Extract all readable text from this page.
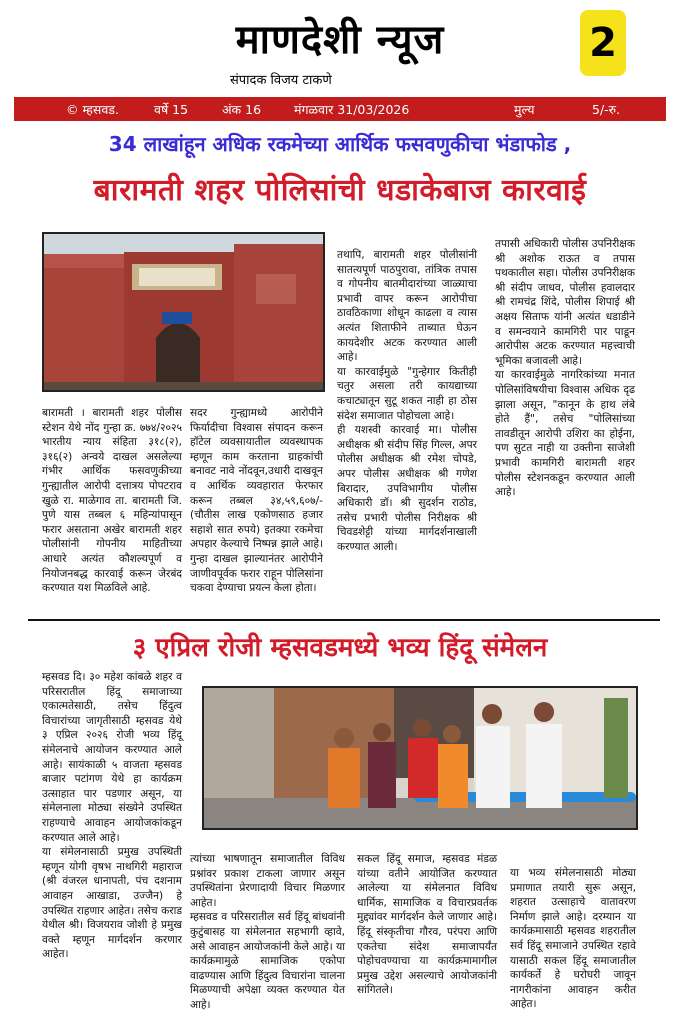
माणदेशी न्यूज
संपादक विजय टाकणे
2
© म्हसवड.	वर्षे 15	अंक 16	मंगळवार 31/03/2026	मुल्य	5/-रु.
34 लाखांहून अधिक रकमेच्या आर्थिक फसवणुकीचा भंडाफोड ,
बारामती शहर पोलिसांची धडाकेबाज कारवाई

बारामती । बारामती शहर पोलीस स्टेशन येथे नोंद गुन्हा क्र. ७७४/२०२५ भारतीय न्याय संहिता ३१८(२), ३१६(२) अन्वये दाखल असलेल्या गंभीर आर्थिक फसवणुकीच्या गुन्ह्यातील आरोपी दत्तात्रय पोपटराव खुळे रा. माळेगाव ता. बारामती जि. पुणे यास तब्बल ६ महिन्यांपासून फरार असताना अखेर बारामती शहर पोलीसांनी गोपनीय माहितीच्या आधारे अत्यंत कौशल्यपूर्ण व नियोजनबद्ध कारवाई करून जेरबंद करण्यात यश मिळविले आहे.

सदर गुन्ह्यामध्ये आरोपीने फिर्यादीचा विश्वास संपादन करून हॉटेल व्यवसायातील व्यवस्थापक म्हणून काम करताना ग्राहकांची बनावट नावे नोंदवून,उधारी दाखवून व आर्थिक व्यवहारात फेरफार करून तब्बल ३४,५९,६०७/- (चौतीस लाख एकोणसाठ हजार सहाशे सात रुपये) इतक्या रकमेचा अपहार केल्याचे निष्पन्न झाले आहे। गुन्हा दाखल झाल्यानंतर आरोपीने जाणीवपूर्वक फरार राहून पोलिसांना चकवा देण्याचा प्रयत्न केला होता।

तथापि, बारामती शहर पोलीसांनी सातत्यपूर्ण पाठपुरावा, तांत्रिक तपास व गोपनीय बातमीदारांच्या जाळ्याचा प्रभावी वापर करून आरोपीचा ठावठिकाणा शोधून काढला व त्यास अत्यंत शिताफीने ताब्यात घेऊन कायदेशीर अटक करण्यात आली आहे।

या कारवाईमुळे "गुन्हेगार कितीही चतुर असला तरी कायद्याच्या कचाट्यातून सुटू शकत नाही हा ठोस संदेश समाजात पोहोचला आहे।

ही यशस्वी कारवाई मा। पोलीस अधीक्षक श्री संदीप सिंह गिल्ल, अपर पोलीस अधीक्षक श्री रमेश चोपडे, अपर पोलीस अधीक्षक श्री गणेश बिरादार, उपविभागीय पोलीस अधिकारी डॉ। श्री सुदर्शन राठोड, तसेच प्रभारी पोलीस निरीक्षक श्री चिवडशेट्टी यांच्या मार्गदर्शनाखाली करण्यात आली।

तपासी अधिकारी पोलीस उपनिरीक्षक श्री अशोक राऊत व तपास पथकातील सहा। पोलीस उपनिरीक्षक श्री संदीप जाधव, पोलीस हवालदार श्री रामचंद्र शिंदे, पोलीस शिपाई श्री अक्षय सिताफ यांनी अत्यंत धडाडीने व समन्वयाने कामगिरी पार पाडून आरोपीस अटक करण्यात महत्त्वाची भूमिका बजावली आहे।

या कारवाईमुळे नागरिकांच्या मनात पोलिसांविषयीचा विश्वास अधिक दृढ झाला असून, "कानून के हाथ लंबे होते हैं", तसेच "पोलिसांच्या तावडीतून आरोपी उशिरा का होईना, पण सुटत नाही या उक्तीना साजेशी प्रभावी कामगिरी बारामती शहर पोलीस स्टेशनकडून करण्यात आली आहे।

३ एप्रिल रोजी म्हसवडमध्ये भव्य हिंदू संमेलन

म्हसवड दि। ३० महेश कांबळे शहर व परिसरातील हिंदू समाजाच्या एकात्मतेसाठी, तसेच हिंदुत्व विचारांच्या जागृतीसाठी म्हसवड येथे ३ एप्रिल २०२६ रोजी भव्य हिंदू संमेलनाचे आयोजन करण्यात आले आहे। सायंकाळी ५ वाजता म्हसवड बाजार पटांगण येथे हा कार्यक्रम उत्साहात पार पडणार असून, या संमेलनाला मोठ्या संख्येने उपस्थित राहण्याचे आवाहन आयोजकांकडून करण्यात आले आहे।

या संमेलनासाठी प्रमुख उपस्थिती म्हणून योगी वृषभ नाथगिरी महाराज (श्री वंजरल धानापती, पंच दशनाम आवाहन आखाडा, उज्जैन) हे उपस्थित राहणार आहेत। तसेच कराड येथील श्री। विजयराव जोशी हे प्रमुख वक्ते म्हणून मार्गदर्शन करणार आहेत।

त्यांच्या भाषणातून समाजातील विविध प्रश्नांवर प्रकाश टाकला जाणार असून उपस्थितांना प्रेरणादायी विचार मिळणार आहेत।

म्हसवड व परिसरातील सर्व हिंदू बांधवांनी कुटुंबासह या संमेलनात सहभागी व्हावे, असे आवाहन आयोजकांनी केले आहे। या कार्यक्रमामुळे सामाजिक एकोपा वाढण्यास आणि हिंदुत्व विचारांना चालना मिळण्याची अपेक्षा व्यक्त करण्यात येत आहे।

सकल हिंदू समाज, म्हसवड मंडळ यांच्या वतीने आयोजित करण्यात आलेल्या या संमेलनात विविध धार्मिक, सामाजिक व विचारप्रवर्तक मुद्द्यांवर मार्गदर्शन केले जाणार आहे। हिंदू संस्कृतीचा गौरव, परंपरा आणि एकतेचा संदेश समाजापर्यंत पोहोचवण्याचा या कार्यक्रमामागील प्रमुख उद्देश असल्याचे आयोजकांनी सांगितले।

या भव्य संमेलनासाठी मोठ्या प्रमाणात तयारी सुरू असून, शहरात उत्साहाचे वातावरण निर्माण झाले आहे। दरम्यान या कार्यक्रमासाठी म्हसवड शहरातील सर्व हिंदू समाजाने उपस्थित रहावे यासाठी सकल हिंदू समाजातील कार्यकर्ते हे घरोघरी जावून नागरीकांना आवाहन करीत आहेत।
